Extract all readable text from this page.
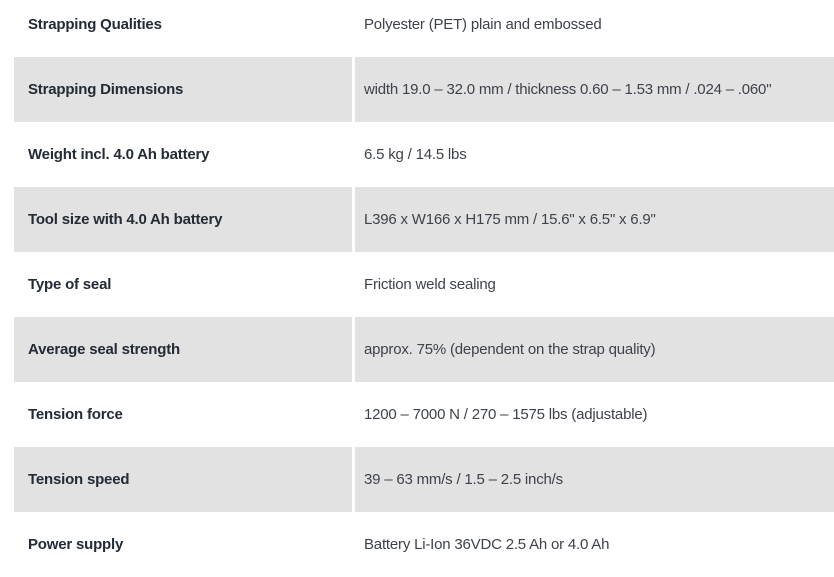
Strapping Qualities	Polyester (PET) plain and embossed
Strapping Dimensions	width 19.0 – 32.0 mm / thickness 0.60 – 1.53 mm / .024 – .060"
Weight incl. 4.0 Ah battery	6.5 kg / 14.5 lbs
Tool size with 4.0 Ah battery	L396 x W166 x H175 mm / 15.6" x 6.5" x 6.9"
Type of seal	Friction weld sealing
Average seal strength	approx. 75% (dependent on the strap quality)
Tension force	1200 – 7000 N / 270 – 1575 lbs (adjustable)
Tension speed	39 – 63 mm/s / 1.5 – 2.5 inch/s
Power supply	Battery Li-Ion 36VDC 2.5 Ah or 4.0 Ah
